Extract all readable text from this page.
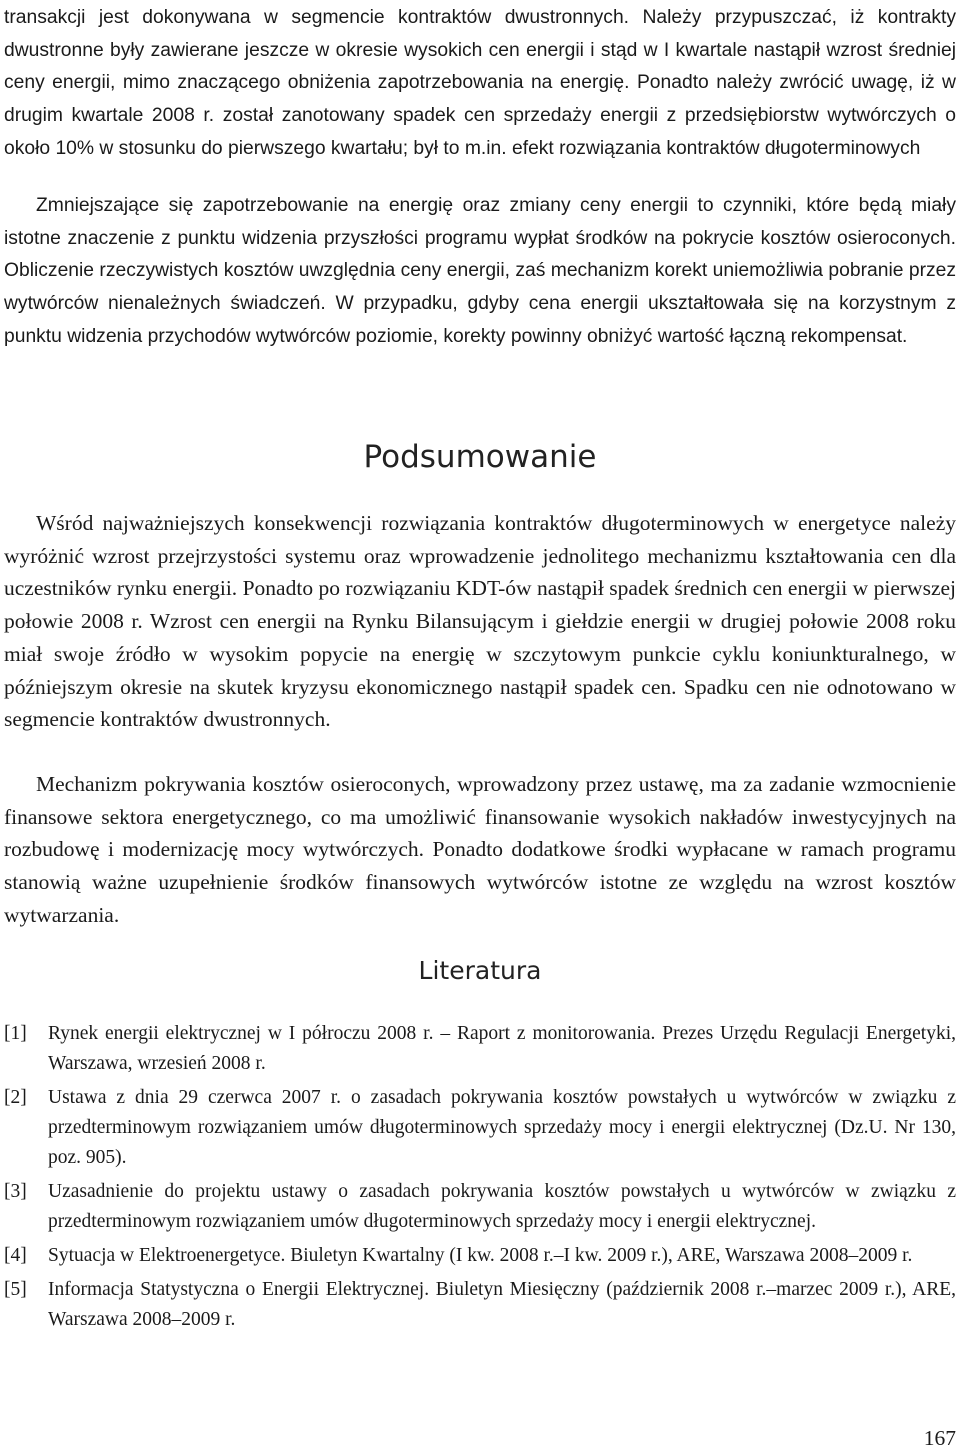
transakcji jest dokonywana w segmencie kontraktów dwustronnych. Należy przypuszczać, iż kontrakty dwustronne były zawierane jeszcze w okresie wysokich cen energii i stąd w I kwartale nastąpił wzrost średniej ceny energii, mimo znaczącego obniżenia zapotrzebowania na energię. Ponadto należy zwrócić uwagę, iż w drugim kwartale 2008 r. został zanotowany spadek cen sprzedaży energii z przedsiębiorstw wytwórczych o około 10% w stosunku do pierwszego kwartału; był to m.in. efekt rozwiązania kontraktów długoterminowych

Zmniejszające się zapotrzebowanie na energię oraz zmiany ceny energii to czynniki, które będą miały istotne znaczenie z punktu widzenia przyszłości programu wypłat środków na pokrycie kosztów osieroconych. Obliczenie rzeczywistych kosztów uwzględnia ceny energii, zaś mechanizm korekt uniemożliwia pobranie przez wytwórców nienależnych świadczeń. W przypadku, gdyby cena energii ukształtowała się na korzystnym z punktu widzenia przychodów wytwórców poziomie, korekty powinny obniżyć wartość łączną rekompensat.

Podsumowanie

Wśród najważniejszych konsekwencji rozwiązania kontraktów długoterminowych w energetyce należy wyróżnić wzrost przejrzystości systemu oraz wprowadzenie jednolitego mechanizmu kształtowania cen dla uczestników rynku energii. Ponadto po rozwiązaniu KDT-ów nastąpił spadek średnich cen energii w pierwszej połowie 2008 r. Wzrost cen energii na Rynku Bilansującym i giełdzie energii w drugiej połowie 2008 roku miał swoje źródło w wysokim popycie na energię w szczytowym punkcie cyklu koniunkturalnego, w późniejszym okresie na skutek kryzysu ekonomicznego nastąpił spadek cen. Spadku cen nie odnotowano w segmencie kontraktów dwustronnych.

Mechanizm pokrywania kosztów osieroconych, wprowadzony przez ustawę, ma za zadanie wzmocnienie finansowe sektora energetycznego, co ma umożliwić finansowanie wysokich nakładów inwestycyjnych na rozbudowę i modernizację mocy wytwórczych. Ponadto dodatkowe środki wypłacane w ramach programu stanowią ważne uzupełnienie środków finansowych wytwórców istotne ze względu na wzrost kosztów wytwarzania.

Literatura
[1] Rynek energii elektrycznej w I półroczu 2008 r. – Raport z monitorowania. Prezes Urzędu Regulacji Energetyki, Warszawa, wrzesień 2008 r.
[2] Ustawa z dnia 29 czerwca 2007 r. o zasadach pokrywania kosztów powstałych u wytwórców w związku z przedterminowym rozwiązaniem umów długoterminowych sprzedaży mocy i energii elektrycznej (Dz.U. Nr 130, poz. 905).
[3] Uzasadnienie do projektu ustawy o zasadach pokrywania kosztów powstałych u wytwórców w związku z przedterminowym rozwiązaniem umów długoterminowych sprzedaży mocy i energii elektrycznej.
[4] Sytuacja w Elektroenergetyce. Biuletyn Kwartalny (I kw. 2008 r.–I kw. 2009 r.), ARE, Warszawa 2008–2009 r.
[5] Informacja Statystyczna o Energii Elektrycznej. Biuletyn Miesięczny (październik 2008 r.–marzec 2009 r.), ARE, Warszawa 2008–2009 r.
167
